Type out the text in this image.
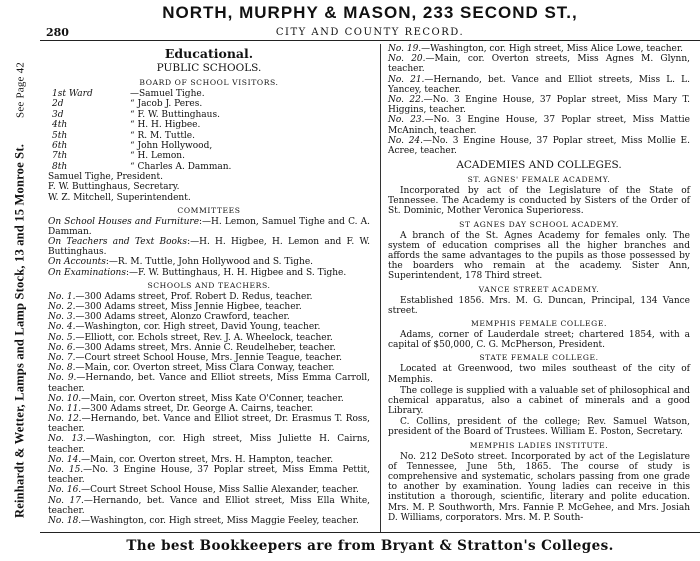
Reinhardt & Wetter, Lamps and Lamp Stock, 13 and 15 Monroe St.See Page 42
NORTH, MURPHY & MASON, 233 SECOND ST.,
280	CITY AND COUNTY RECORD.
Educational.
PUBLIC SCHOOLS.
BOARD OF SCHOOL VISITORS.
1st Ward	—Samuel Tighe.
2d	“ Jacob J. Peres.
3d	“ F. W. Buttinghaus.
4th	“ H. H. Higbee.
5th	“ R. M. Tuttle.
6th	“ John Hollywood,
7th	“ H. Lemon.
8th	“ Charles A. Damman.
Samuel Tighe, President.
F. W. Buttinghaus, Secretary.
W. Z. Mitchell, Superintendent.
COMMITTEES
On School Houses and Furniture:—H. Lemon, Samuel Tighe and C. A. Damman.
On Teachers and Text Books:—H. H. Higbee, H. Lemon and F. W. Buttinghaus.
On Accounts:—R. M. Tuttle, John Hollywood and S. Tighe.
On Examinations:—F. W. Buttinghaus, H. H. Higbee and S. Tighe.
SCHOOLS AND TEACHERS.
No. 1.—300 Adams street, Prof. Robert D. Redus, teacher.
No. 2.—300 Adams street, Miss Jennie Higbee, teacher.
No. 3.—300 Adams street, Alonzo Crawford, teacher.
No. 4.—Washington, cor. High street, David Young, teacher.
No. 5.—Elliott, cor. Echols street, Rev. J. A. Wheelock, teacher.
No. 6.—300 Adams street, Mrs. Annie C. Reudelheber, teacher.
No. 7.—Court street School House, Mrs. Jennie Teague, teacher.
No. 8.—Main, cor. Overton street, Miss Clara Conway, teacher.
No. 9.—Hernando, bet. Vance and Elliot streets, Miss Emma Carroll, teacher.
No. 10.—Main, cor. Overton street, Miss Kate O'Conner, teacher.
No. 11.—300 Adams street, Dr. George A. Cairns, teacher.
No. 12.—Hernando, bet. Vance and Elliot street, Dr. Erasmus T. Ross, teacher.
No. 13.—Washington, cor. High street, Miss Juliette H. Cairns, teacher.
No. 14.—Main, cor. Overton street, Mrs. H. Hampton, teacher.
No. 15.—No. 3 Engine House, 37 Poplar street, Miss Emma Pettit, teacher.
No. 16.—Court Street School House, Miss Sallie Alexander, teacher.
No. 17.—Hernando, bet. Vance and Elliot street, Miss Ella White, teacher.
No. 18.—Washington, cor. High street, Miss Maggie Feeley, teacher.
No. 19.—Washington, cor. High street, Miss Alice Lowe, teacher.
No. 20.—Main, cor. Overton streets, Miss Agnes M. Glynn, teacher.
No. 21.—Hernando, bet. Vance and Elliot streets, Miss L. L. Yancey, teacher.
No. 22.—No. 3 Engine House, 37 Poplar street, Miss Mary T. Higgins, teacher.
No. 23.—No. 3 Engine House, 37 Poplar street, Miss Mattie McAninch, teacher.
No. 24.—No. 3 Engine House, 37 Poplar street, Miss Mollie E. Acree, teacher.
ACADEMIES AND COLLEGES.
ST. AGNES' FEMALE ACADEMY.
Incorporated by act of the Legislature of the State of Tennessee. The Academy is conducted by Sisters of the Order of St. Dominic, Mother Veronica Superioress.
ST AGNES DAY SCHOOL ACADEMY.
A branch of the St. Agnes Academy for females only. The system of education comprises all the higher branches and affords the same advantages to the pupils as those possessed by the boarders who remain at the academy. Sister Ann, Superintendent, 178 Third street.
VANCE STREET ACADEMY.
Established 1856. Mrs. M. G. Duncan, Principal, 134 Vance street.
MEMPHIS FEMALE COLLEGE.
Adams, corner of Lauderdale street; chartered 1854, with a capital of $50,000, C. G. McPherson, President.
STATE FEMALE COLLEGE.
Located at Greenwood, two miles southeast of the city of Memphis.
The college is supplied with a valuable set of philosophical and chemical apparatus, also a cabinet of minerals and a good Library.
C. Collins, president of the college; Rev. Samuel Watson, president of the Board of Trustees. William E. Poston, Secretary.
MEMPHIS LADIES INSTITUTE.
No. 212 DeSoto street. Incorporated by act of the Legislature of Tennessee, June 5th, 1865. The course of study is comprehensive and systematic, scholars passing from one grade to another by examination. Young ladies can receive in this institution a thorough, scientific, literary and polite education. Mrs. M. P. Southworth, Mrs. Fannie P. McGehee, and Mrs. Josiah D. Williams, corporators. Mrs. M. P. South-
The best Bookkeepers are from Bryant & Stratton's Colleges.
